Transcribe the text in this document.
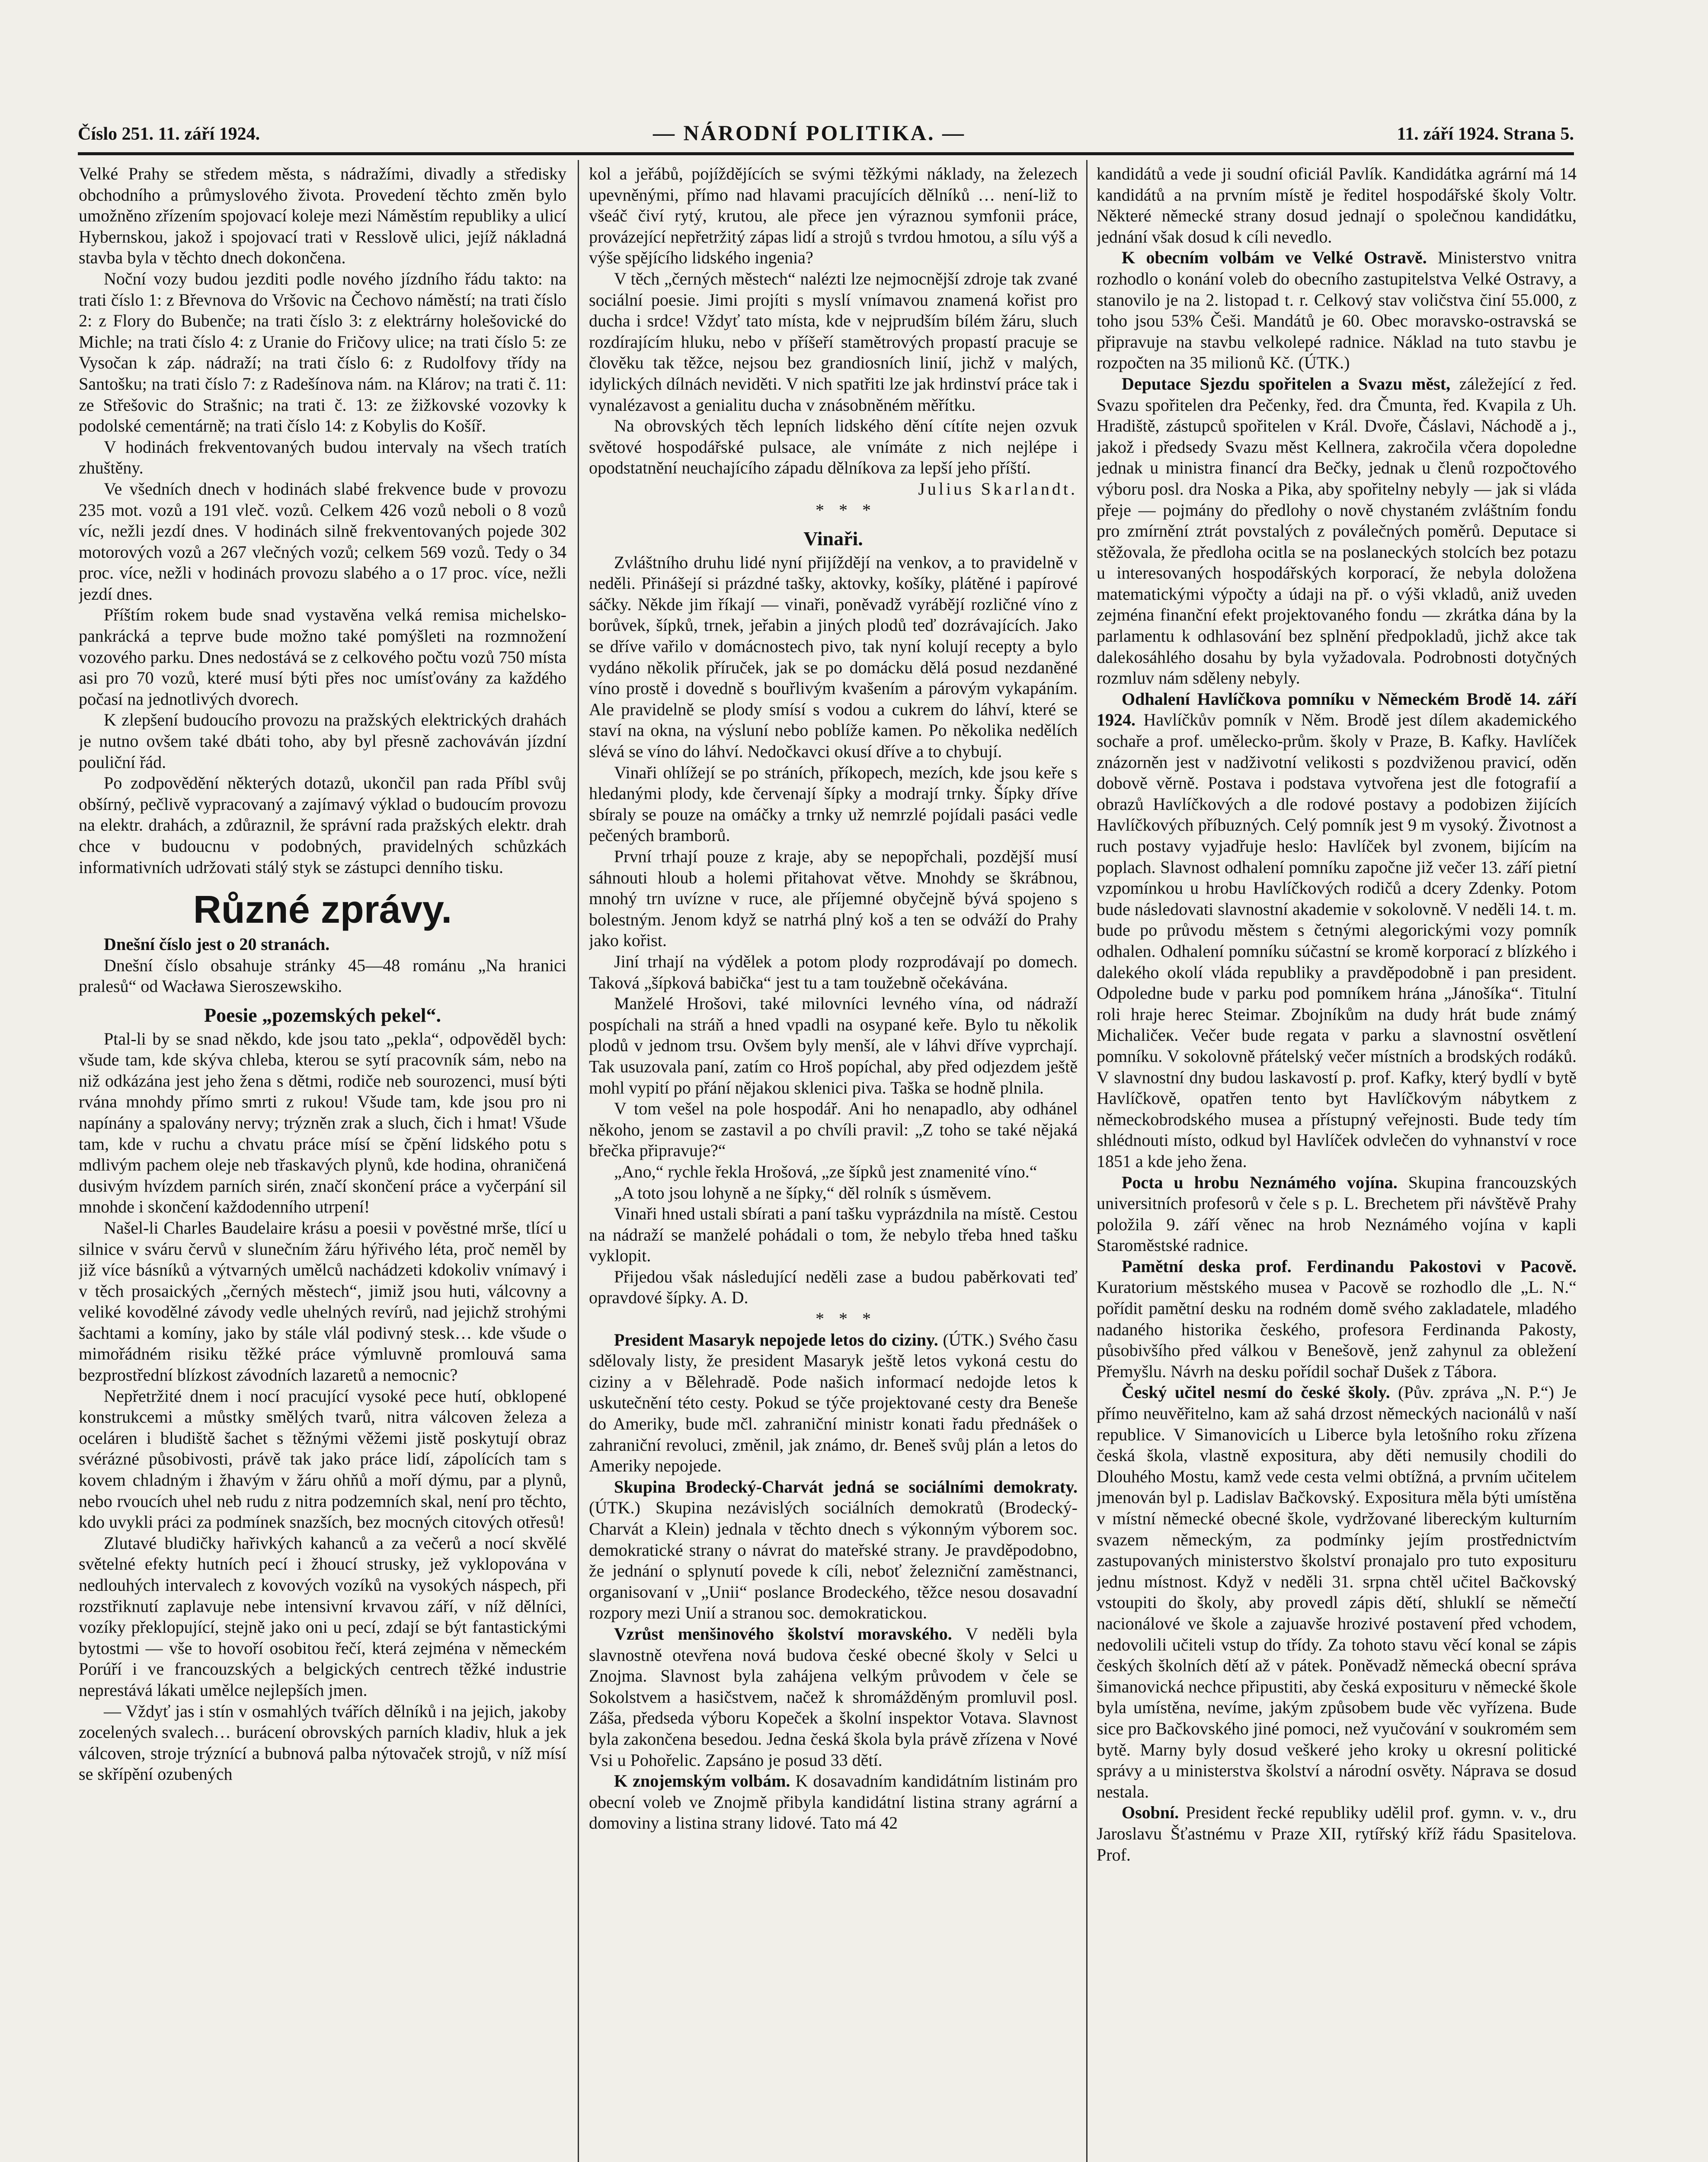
Číslo 251. 11. září 1924.	— NÁRODNÍ POLITIKA. —	11. září 1924. Strana 5.

Velké Prahy se středem města, s nádražími, divadly a středisky obchodního a průmyslového života. Provedení těchto změn bylo umožněno zřízením spojovací koleje mezi Náměstím republiky a ulicí Hybernskou, jakož i spojovací trati v Resslově ulici, jejíž nákladná stavba byla v těchto dnech dokončena.

Noční vozy budou jezditi podle nového jízdního řádu takto: na trati číslo 1: z Břevnova do Vršovic na Čechovo náměstí; na trati číslo 2: z Flory do Bubenče; na trati číslo 3: z elektrárny holešovické do Michle; na trati číslo 4: z Uranie do Fričovy ulice; na trati číslo 5: ze Vysočan k záp. nádraží; na trati číslo 6: z Rudolfovy třídy na Santošku; na trati číslo 7: z Radešínova nám. na Klárov; na trati č. 11: ze Střešovic do Strašnic; na trati č. 13: ze žižkovské vozovky k podolské cementárně; na trati číslo 14: z Kobylis do Košíř.

V hodinách frekventovaných budou intervaly na všech tratích zhuštěny.

Ve všedních dnech v hodinách slabé frekvence bude v provozu 235 mot. vozů a 191 vleč. vozů. Celkem 426 vozů neboli o 8 vozů víc, nežli jezdí dnes. V hodinách silně frekventovaných pojede 302 motorových vozů a 267 vlečných vozů; celkem 569 vozů. Tedy o 34 proc. více, nežli v hodinách provozu slabého a o 17 proc. více, nežli jezdí dnes.

Příštím rokem bude snad vystavěna velká remisa michelsko-pankrácká a teprve bude možno také pomýšleti na rozmnožení vozového parku. Dnes nedostává se z celkového počtu vozů 750 místa asi pro 70 vozů, které musí býti přes noc umísťovány za každého počasí na jednotlivých dvorech.

K zlepšení budoucího provozu na pražských elektrických drahách je nutno ovšem také dbáti toho, aby byl přesně zachováván jízdní pouliční řád.

Po zodpovědění některých dotazů, ukončil pan rada Příbl svůj obšírný, pečlivě vypracovaný a zajímavý výklad o budoucím provozu na elektr. drahách, a zdůraznil, že správní rada pražských elektr. drah chce v budoucnu v podobných, pravidelných schůzkách informativních udržovati stálý styk se zástupci denního tisku.

Různé zprávy.

Dnešní číslo jest o 20 stranách.

Dnešní číslo obsahuje stránky 45—48 románu „Na hranici pralesů“ od Wacława Sieroszewskiho.

Poesie „pozemských pekel“.

Ptal-li by se snad někdo, kde jsou tato „pekla“, odpověděl bych: všude tam, kde skýva chleba, kterou se sytí pracovník sám, nebo na niž odkázána jest jeho žena s dětmi, rodiče neb sourozenci, musí býti rvána mnohdy přímo smrti z rukou! Všude tam, kde jsou pro ni napínány a spalovány nervy; trýzněn zrak a sluch, čich i hmat! Všude tam, kde v ruchu a chvatu práce mísí se čpění lidského potu s mdlivým pachem oleje neb třaskavých plynů, kde hodina, ohraničená dusivým hvízdem parních sirén, značí skončení práce a vyčerpání sil mnohde i skončení každodenního utrpení!

Našel-li Charles Baudelaire krásu a poesii v pověstné mrše, tlící u silnice v sváru červů v slunečním žáru hýřivého léta, proč neměl by již více básníků a výtvarných umělců nachádzeti kdokoliv vnímavý i v těch prosaických „černých městech“, jimiž jsou huti, válcovny a veliké kovodělné závody vedle uhelných revírů, nad jejichž strohými šachtami a komíny, jako by stále vlál podivný stesk… kde všude o mimořádném risiku těžké práce výmluvně promlouvá sama bezprostřední blízkost závodních lazaretů a nemocnic?

Nepřetržité dnem i nocí pracující vysoké pece hutí, obklopené konstrukcemi a můstky smělých tvarů, nitra válcoven železa a oceláren i bludiště šachet s těžnými věžemi jistě poskytují obraz svérázné působivosti, právě tak jako práce lidí, zápolících tam s kovem chladným i žhavým v žáru ohňů a moří dýmu, par a plynů, nebo rvoucích uhel neb rudu z nitra podzemních skal, není pro těchto, kdo uvykli práci za podmínek snazších, bez mocných citových otřesů!

Zlutavé bludičky hařivkých kahanců a za večerů a nocí skvělé světelné efekty hutních pecí i žhoucí strusky, jež vyklopována v nedlouhých intervalech z kovových vozíků na vysokých náspech, při rozstřiknutí zaplavuje nebe intensivní krvavou září, v níž dělníci, vozíky překlopující, stejně jako oni u pecí, zdají se být fantastickými bytostmi — vše to hovoří osobitou řečí, která zejména v německém Porúří i ve francouzských a belgických centrech těžké industrie neprestává lákati umělce nejlepších jmen.

— Vždyť jas i stín v osmahlých tvářích dělníků i na jejich, jakoby zocelených svalech… burácení obrovských parních kladiv, hluk a jek válcoven, stroje trýznící a bubnová palba nýtovaček strojů, v níž mísí se skřípění ozubených

kol a jeřábů, pojíždějících se svými těžkými náklady, na železech upevněnými, přímo nad hlavami pracujících dělníků … není-liž to všeáč čiví rytý, krutou, ale přece jen výraznou symfonii práce, provázející nepřetržitý zápas lidí a strojů s tvrdou hmotou, a sílu výš a výše spějícího lidského ingenia?

V těch „černých městech“ nalézti lze nejmocnější zdroje tak zvané sociální poesie. Jimi projíti s myslí vnímavou znamená kořist pro ducha i srdce! Vždyť tato místa, kde v nejprudším bílém žáru, sluch rozdírajícím hluku, nebo v příšeří stamětrových propastí pracuje se člověku tak těžce, nejsou bez grandiosních linií, jichž v malých, idylických dílnách neviděti. V nich spatřiti lze jak hrdinství práce tak i vynalézavost a genialitu ducha v znásobněném měřítku.

Na obrovských těch lepních lidského dění cítíte nejen ozvuk světové hospodářské pulsace, ale vnímáte z nich nejlépe i opodstatnění neuchajícího západu dělníkova za lepší jeho příští.

Julius Skarlandt.

* * *

Vinaři.

Zvláštního druhu lidé nyní přijíždějí na venkov, a to pravidelně v neděli. Přinášejí si prázdné tašky, aktovky, košíky, plátěné i papírové sáčky. Někde jim říkají — vinaři, poněvadž vyrábějí rozličné víno z borůvek, šípků, trnek, jeřabin a jiných plodů teď dozrávajících. Jako se dříve vařilo v domácnostech pivo, tak nyní kolují recepty a bylo vydáno několik příruček, jak se po domácku dělá posud nezdaněné víno prostě i dovedně s bouřlivým kvašením a párovým vykapáním. Ale pravidelně se plody smísí s vodou a cukrem do láhví, které se staví na okna, na výsluní nebo poblíže kamen. Po několika nedělích slévá se víno do láhví. Nedočkavci okusí dříve a to chybují.

Vinaři ohlížejí se po stráních, příkopech, mezích, kde jsou keře s hledanými plody, kde červenají šípky a modrají trnky. Šípky dříve sbíraly se pouze na omáčky a trnky už nemrzlé pojídali pasáci vedle pečených bramborů.

První trhají pouze z kraje, aby se nepopřchali, pozdější musí sáhnouti hloub a holemi přitahovat větve. Mnohdy se škrábnou, mnohý trn uvízne v ruce, ale příjemné obyčejně bývá spojeno s bolestným. Jenom když se natrhá plný koš a ten se odváží do Prahy jako kořist.

Jiní trhají na výdělek a potom plody rozprodávají po domech. Taková „šípková babička“ jest tu a tam toužebně očekávána.

Manželé Hrošovi, také milovníci levného vína, od nádraží pospíchali na stráň a hned vpadli na osypané keře. Bylo tu několik plodů v jednom trsu. Ovšem byly menší, ale v láhvi dříve vyprchají. Tak usuzovala paní, zatím co Hroš popíchal, aby před odjezdem ještě mohl vypití po přání nějakou sklenici piva. Taška se hodně plnila.

V tom vešel na pole hospodář. Ani ho nenapadlo, aby odhánel někoho, jenom se zastavil a po chvíli pravil: „Z toho se také nějaká břečka připravuje?“

„Ano,“ rychle řekla Hrošová, „ze šípků jest znamenité víno.“

„A toto jsou lohyně a ne šípky,“ děl rolník s úsměvem.

Vinaři hned ustali sbírati a paní tašku vyprázdnila na místě. Cestou na nádraží se manželé pohádali o tom, že nebylo třeba hned tašku vyklopit.

Přijedou však následující neděli zase a budou paběrkovati teď opravdové šípky. A. D.

* * *

President Masaryk nepojede letos do ciziny. (ÚTK.) Svého času sdělovaly listy, že president Masaryk ještě letos vykoná cestu do ciziny a v Bělehradě. Pode našich informací nedojde letos k uskutečnění této cesty. Pokud se týče projektované cesty dra Beneše do Ameriky, bude mčl. zahraniční ministr konati řadu přednášek o zahraniční revoluci, změnil, jak známo, dr. Beneš svůj plán a letos do Ameriky nepojede.

Skupina Brodecký-Charvát jedná se sociálními demokraty. (ÚTK.) Skupina nezávislých sociálních demokratů (Brodecký-Charvát a Klein) jednala v těchto dnech s výkonným výborem soc. demokratické strany o návrat do mateřské strany. Je pravděpodobno, že jednání o splynutí povede k cíli, neboť železniční zaměstnanci, organisovaní v „Unii“ poslance Brodeckého, těžce nesou dosavadní rozpory mezi Unií a stranou soc. demokratickou.

Vzrůst menšinového školství moravského. V neděli byla slavnostně otevřena nová budova české obecné školy v Selci u Znojma. Slavnost byla zahájena velkým průvodem v čele se Sokolstvem a hasičstvem, načež k shromážděným promluvil posl. Záša, předseda výboru Kopeček a školní inspektor Votava. Slavnost byla zakončena besedou. Jedna česká škola byla právě zřízena v Nové Vsi u Pohořelic. Zapsáno je posud 33 dětí.

K znojemským volbám. K dosavadním kandidátním listinám pro obecní voleb ve Znojmě přibyla kandidátní listina strany agrární a domoviny a listina strany lidové. Tato má 42

kandidátů a vede ji soudní oficiál Pavlík. Kandidátka agrární má 14 kandidátů a na prvním místě je ředitel hospodářské školy Voltr. Některé německé strany dosud jednají o společnou kandidátku, jednání však dosud k cíli nevedlo.

K obecním volbám ve Velké Ostravě. Ministerstvo vnitra rozhodlo o konání voleb do obecního zastupitelstva Velké Ostravy, a stanovilo je na 2. listopad t. r. Celkový stav voličstva činí 55.000, z toho jsou 53% Češi. Mandátů je 60. Obec moravsko-ostravská se připravuje na stavbu velkolepé radnice. Náklad na tuto stavbu je rozpočten na 35 milionů Kč. (ÚTK.)

Deputace Sjezdu spořitelen a Svazu měst, záležející z řed. Svazu spořitelen dra Pečenky, řed. dra Čmunta, řed. Kvapila z Uh. Hradiště, zástupců spořitelen v Král. Dvoře, Čáslavi, Náchodě a j., jakož i předsedy Svazu měst Kellnera, zakročila včera dopoledne jednak u ministra financí dra Bečky, jednak u členů rozpočtového výboru posl. dra Noska a Pika, aby spořitelny nebyly — jak si vláda přeje — pojmány do předlohy o nově chystaném zvláštním fondu pro zmírnění ztrát povstalých z poválečných poměrů. Deputace si stěžovala, že předloha ocitla se na poslaneckých stolcích bez potazu u interesovaných hospodářských korporací, že nebyla doložena matematickými výpočty a údaji na př. o výši vkladů, aniž uveden zejména finanční efekt projektovaného fondu — zkrátka dána by la parlamentu k odhlasování bez splnění předpokladů, jichž akce tak dalekosáhlého dosahu by byla vyžadovala. Podrobnosti dotyčných rozmluv nám sděleny nebyly.

Odhalení Havlíčkova pomníku v Německém Brodě 14. září 1924. Havlíčkův pomník v Něm. Brodě jest dílem akademického sochaře a prof. umělecko-prům. školy v Praze, B. Kafky. Havlíček znázorněn jest v nadživotní velikosti s pozdviženou pravicí, oděn dobově věrně. Postava i podstava vytvořena jest dle fotografií a obrazů Havlíčkových a dle rodové postavy a podobizen žijících Havlíčkových příbuzných. Celý pomník jest 9 m vysoký. Životnost a ruch postavy vyjadřuje heslo: Havlíček byl zvonem, bijícím na poplach. Slavnost odhalení pomníku započne již večer 13. září pietní vzpomínkou u hrobu Havlíčkových rodičů a dcery Zdenky. Potom bude následovati slavnostní akademie v sokolovně. V neděli 14. t. m. bude po průvodu městem s četnými alegorickými vozy pomník odhalen. Odhalení pomníku súčastní se kromě korporací z blízkého i dalekého okolí vláda republiky a pravděpodobně i pan president. Odpoledne bude v parku pod pomníkem hrána „Jánošíka“. Titulní roli hraje herec Steimar. Zbojníkům na dudy hrát bude známý Michaličeк. Večer bude regata v parku a slavnostní osvětlení pomníku. V sokolovně přátelský večer místních a brodských rodáků. V slavnostní dny budou laskavostí p. prof. Kafky, který bydlí v bytě Havlíčkově, opatřen tento byt Havlíčkovým nábytkem z německobrodského musea a přístupný veřejnosti. Bude tedy tím shlédnouti místo, odkud byl Havlíček odvlečen do vyhnanství v roce 1851 a kde jeho žena.

Pocta u hrobu Neznámého vojína. Skupina francouzských universitních profesorů v čele s p. L. Brechetem při návštěvě Prahy položila 9. září věnec na hrob Neznámého vojína v kapli Staroměstské radnice.

Pamětní deska prof. Ferdinandu Pakostovi v Pacově. Kuratorium městského musea v Pacově se rozhodlo dle „L. N.“ pořídit pamětní desku na rodném domě svého zakladatele, mladého nadaného historika českého, profesora Ferdinanda Pakosty, působivšího před válkou v Benešově, jenž zahynul za obležení Přemyšlu. Návrh na desku pořídil sochař Dušek z Tábora.

Český učitel nesmí do české školy. (Pův. zpráva „N. P.“) Je přímo neuvěřitelno, kam až sahá drzost německých nacionálů v naší republice. V Simanovicích u Liberce byla letošního roku zřízena česká škola, vlastně expositura, aby děti nemusily chodili do Dlouhého Mostu, kamž vede cesta velmi obtížná, a prvním učitelem jmenován byl p. Ladislav Bačkovský. Expositura měla býti umístěna v místní německé obecné škole, vydržované libereckým kulturním svazem německým, za podmínky jejím prostřednictvím zastupovaných ministerstvo školství pronajalo pro tuto exposituru jednu místnost. Když v neděli 31. srpna chtěl učitel Bačkovský vstoupiti do školy, aby provedl zápis dětí, shluklí se němečtí nacionálové ve škole a zajuavše hrozivé postavení před vchodem, nedovolili učiteli vstup do třídy. Za tohoto stavu věcí konal se zápis českých školních dětí až v pátek. Poněvadž německá obecní správa šimanovická nechce připustiti, aby česká exposituru v německé škole byla umístěna, nevíme, jakým způsobem bude věc vyřízena. Bude sice pro Bačkovského jiné pomoci, než vyučování v soukromém sem bytě. Marny byly dosud veškeré jeho kroky u okresní politické správy a u ministerstva školství a národní osvěty. Náprava se dosud nestala.

Osobní. President řecké republiky udělil prof. gymn. v. v., dru Jaroslavu Šťastnému v Praze XII, rytířský kříž řádu Spasitelova. Prof.
